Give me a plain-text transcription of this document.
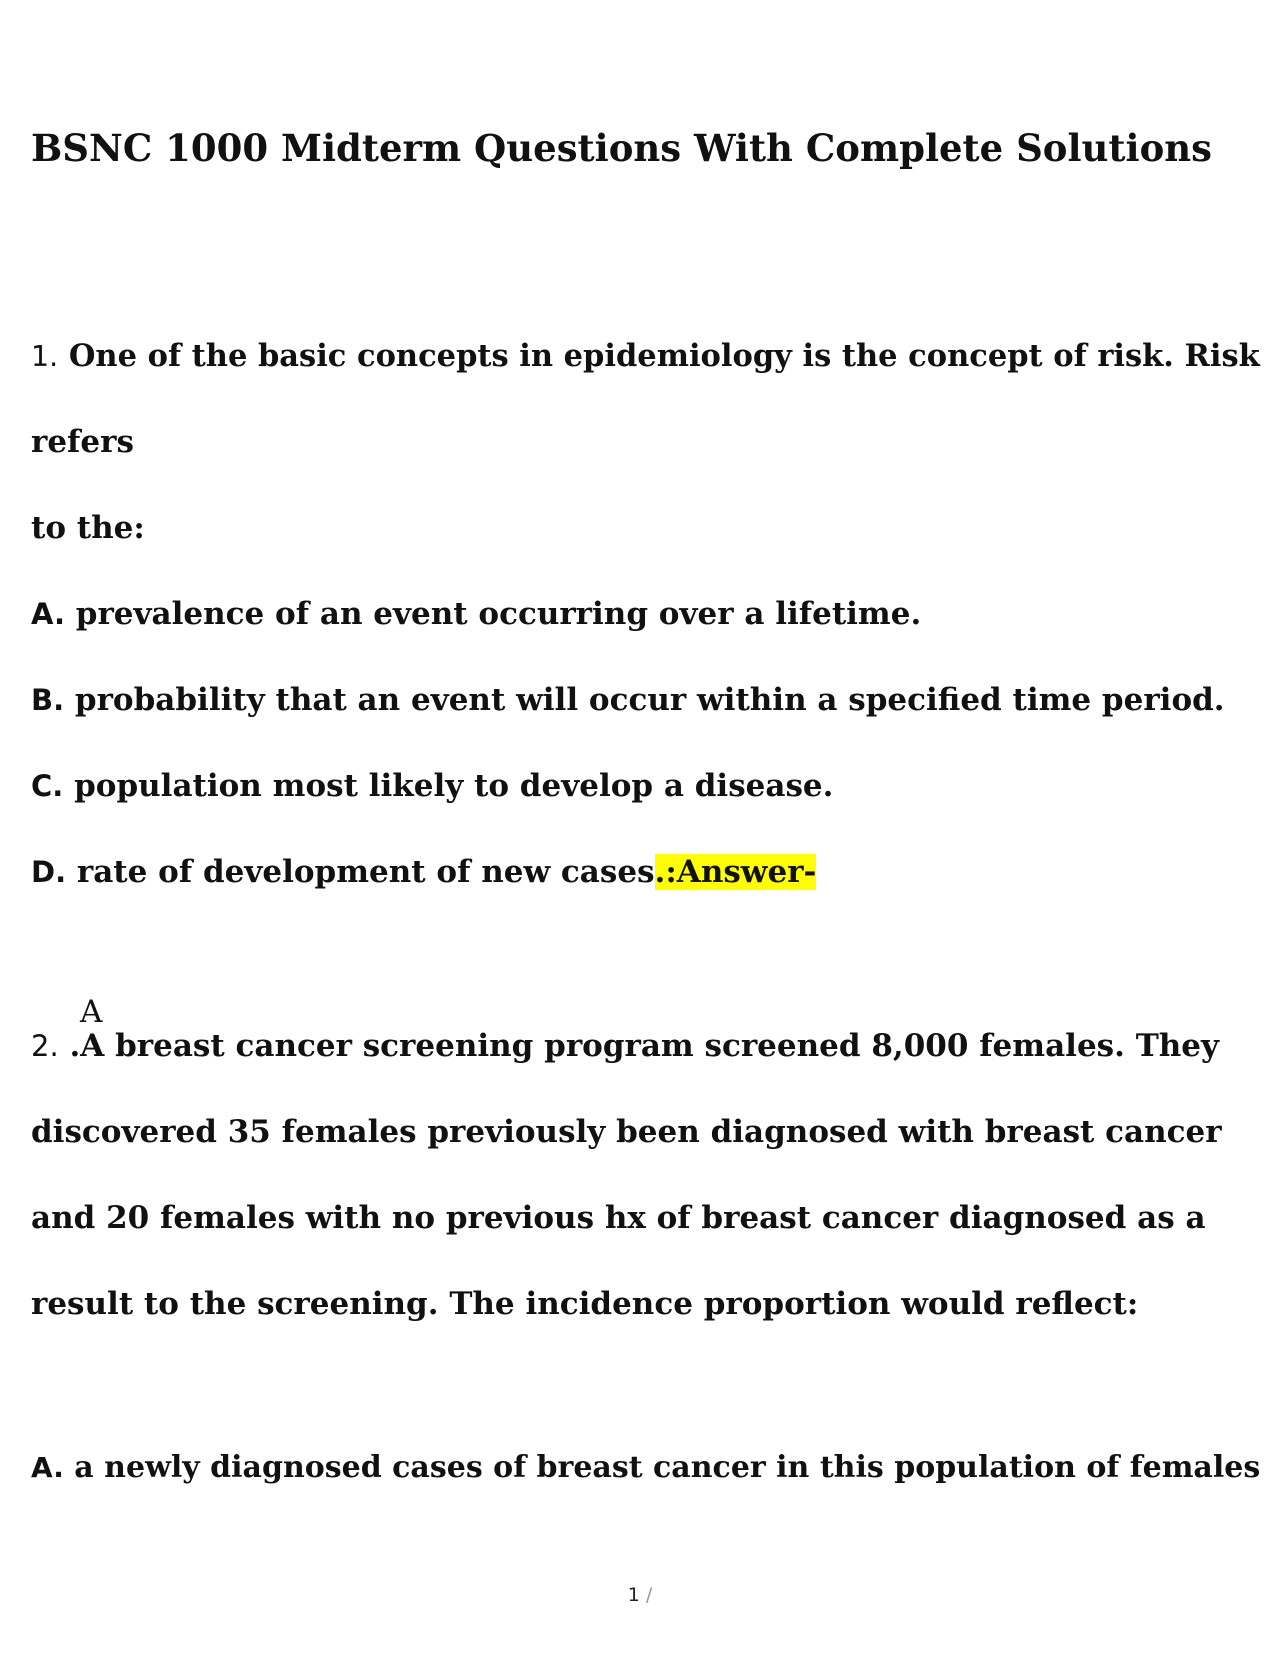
BSNC 1000 Midterm Questions With Complete Solutions

1. One of the basic concepts in epidemiology is the concept of risk. Risk

refers

to the:

A. prevalence of an event occurring over a lifetime.

B. probability that an event will occur within a specified time period.

C. population most likely to develop a disease.

D. rate of development of new cases.:Answer-

A

2. .A breast cancer screening program screened 8,000 females. They

discovered 35 females previously been diagnosed with breast cancer

and 20 females with no previous hx of breast cancer diagnosed as a

result to the screening. The incidence proportion would reflect:

A. a newly diagnosed cases of breast cancer in this population of females

1 /
